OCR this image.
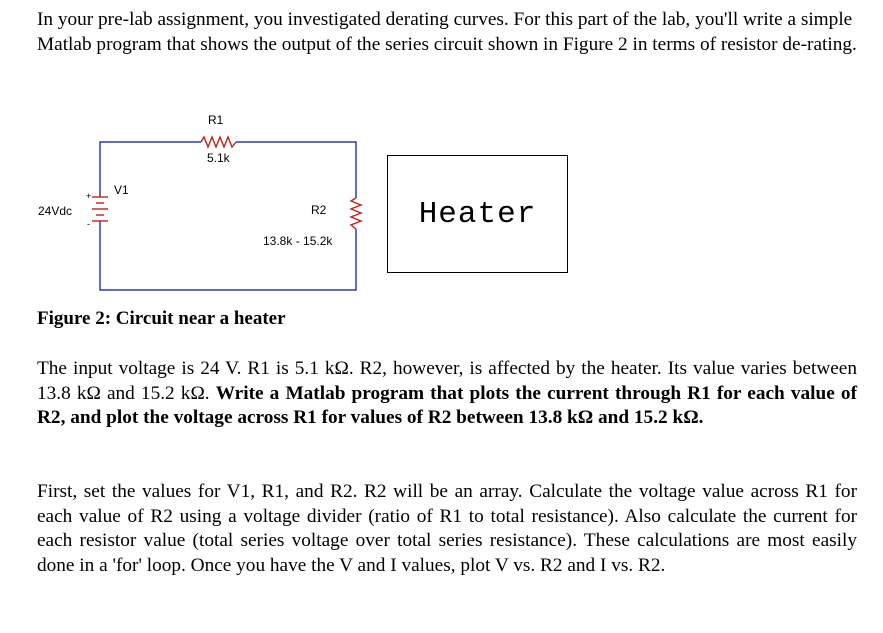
In your pre-lab assignment, you investigated derating curves. For this part of the lab, you'll write a simple Matlab program that shows the output of the series circuit shown in Figure 2 in terms of resistor de-rating.

+
-
R1
5.1k
V1
24Vdc	R2
13.8k - 15.2k
Heater

Figure 2: Circuit near a heater

The input voltage is 24 V. R1 is 5.1 kΩ. R2, however, is affected by the heater. Its value varies between 13.8 kΩ and 15.2 kΩ. Write a Matlab program that plots the current through R1 for each value of R2, and plot the voltage across R1 for values of R2 between 13.8 kΩ and 15.2 kΩ.

First, set the values for V1, R1, and R2. R2 will be an array. Calculate the voltage value across R1 for each value of R2 using a voltage divider (ratio of R1 to total resistance). Also calculate the current for each resistor value (total series voltage over total series resistance). These calculations are most easily done in a 'for' loop. Once you have the V and I values, plot V vs. R2 and I vs. R2.
